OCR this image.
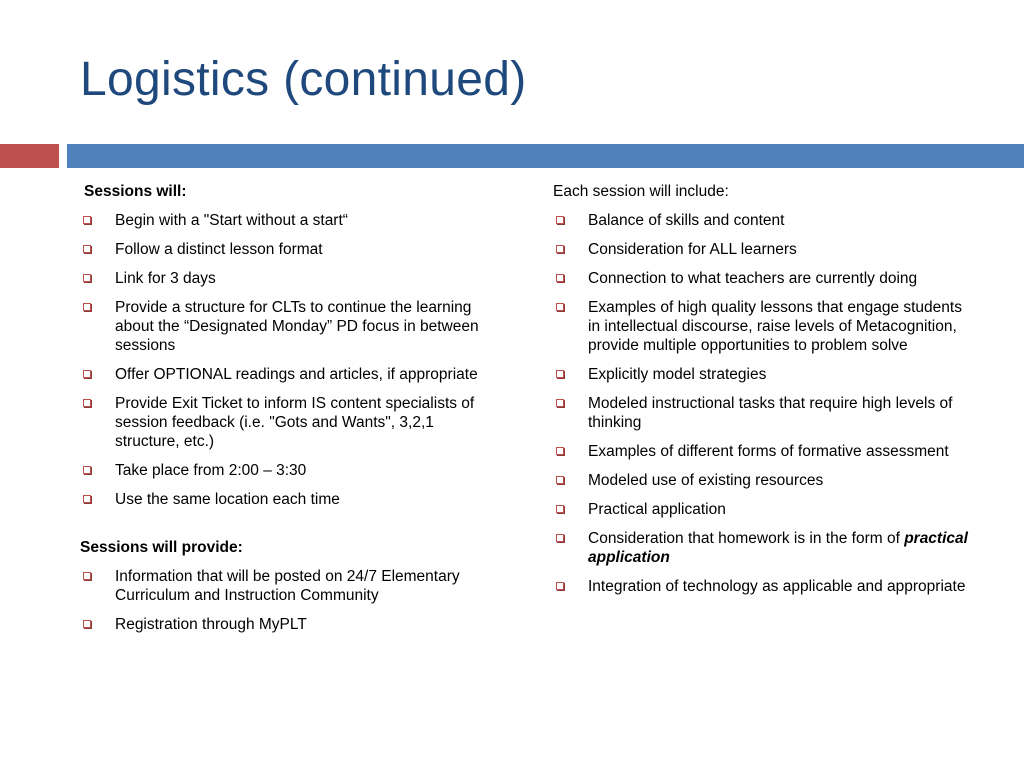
Logistics (continued)
Sessions will:
Begin with a "Start without a start“
Follow a distinct lesson format
Link for 3 days
Provide a structure for CLTs to continue the learning about the “Designated Monday” PD focus in between sessions
Offer OPTIONAL readings and articles, if appropriate
Provide Exit Ticket to inform IS content specialists of session feedback (i.e. "Gots and Wants", 3,2,1 structure, etc.)
Take place from 2:00 – 3:30
Use the same location each time
Sessions will provide:
Information that will be posted on 24/7 Elementary Curriculum and Instruction Community
Registration through MyPLT
Each session will include:
Balance of skills and content
Consideration for ALL learners
Connection to what teachers are currently doing
Examples of high quality lessons that engage students in intellectual discourse, raise levels of Metacognition, provide multiple opportunities to problem solve
Explicitly model strategies
Modeled instructional tasks that require high levels of thinking
Examples of different forms of formative assessment
Modeled use of existing resources
Practical application
Consideration that homework is in the form of practical application
Integration of technology as applicable and appropriate
